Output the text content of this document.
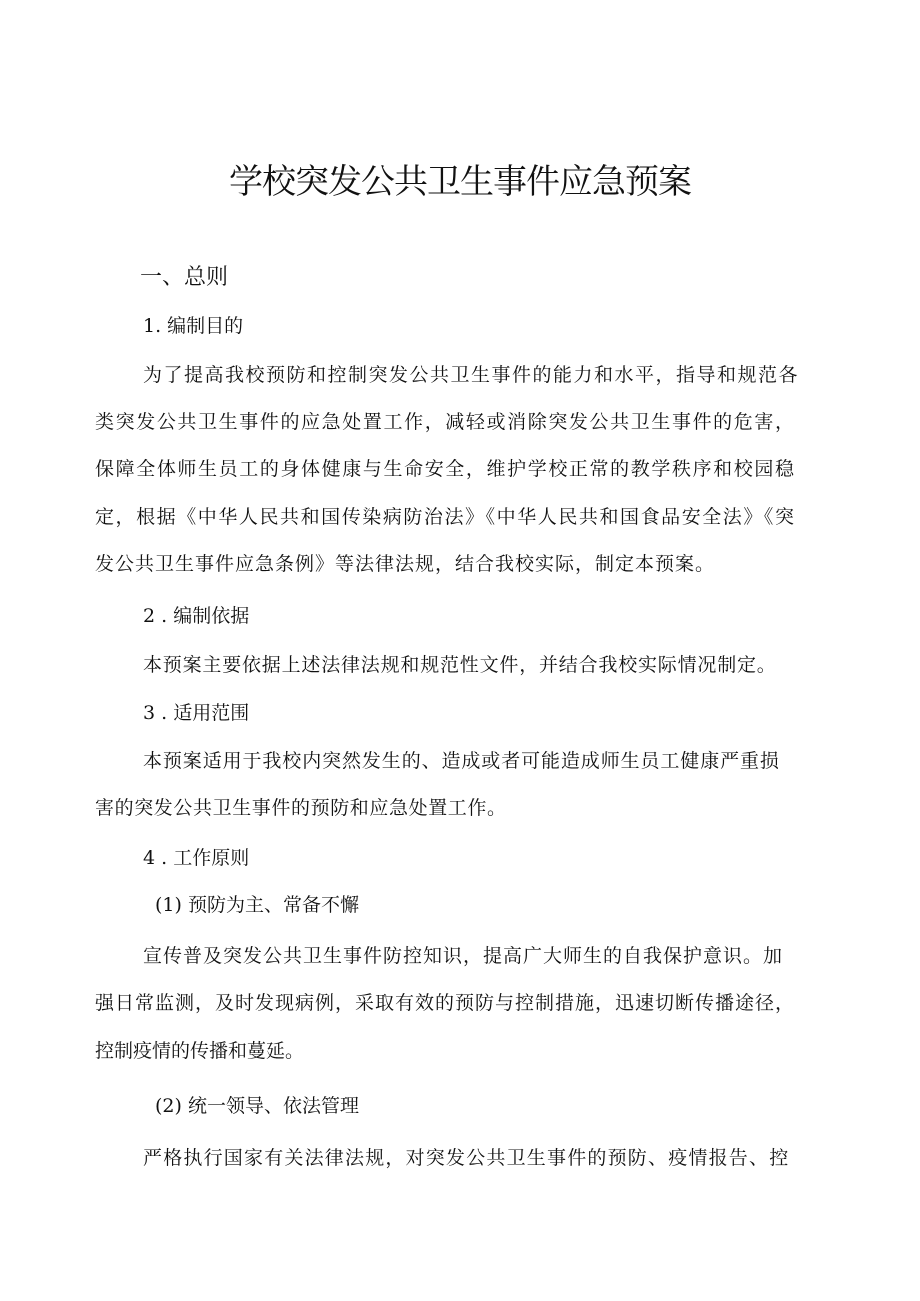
学校突发公共卫生事件应急预案
一、总则

1. 编制目的

为了提高我校预防和控制突发公共卫生事件的能力和水平，指导和规范各

类突发公共卫生事件的应急处置工作，减轻或消除突发公共卫生事件的危害，

保障全体师生员工的身体健康与生命安全，维护学校正常的教学秩序和校园稳

定，根据《中华人民共和国传染病防治法》《中华人民共和国食品安全法》《突

发公共卫生事件应急条例》等法律法规，结合我校实际，制定本预案。

2 . 编制依据

本预案主要依据上述法律法规和规范性文件，并结合我校实际情况制定。

3 . 适用范围

本预案适用于我校内突然发生的、造成或者可能造成师生员工健康严重损

害的突发公共卫生事件的预防和应急处置工作。

4 . 工作原则

(1) 预防为主、常备不懈

宣传普及突发公共卫生事件防控知识，提高广大师生的自我保护意识。加

强日常监测，及时发现病例，采取有效的预防与控制措施，迅速切断传播途径，

控制疫情的传播和蔓延。

(2) 统一领导、依法管理

严格执行国家有关法律法规，对突发公共卫生事件的预防、疫情报告、控
